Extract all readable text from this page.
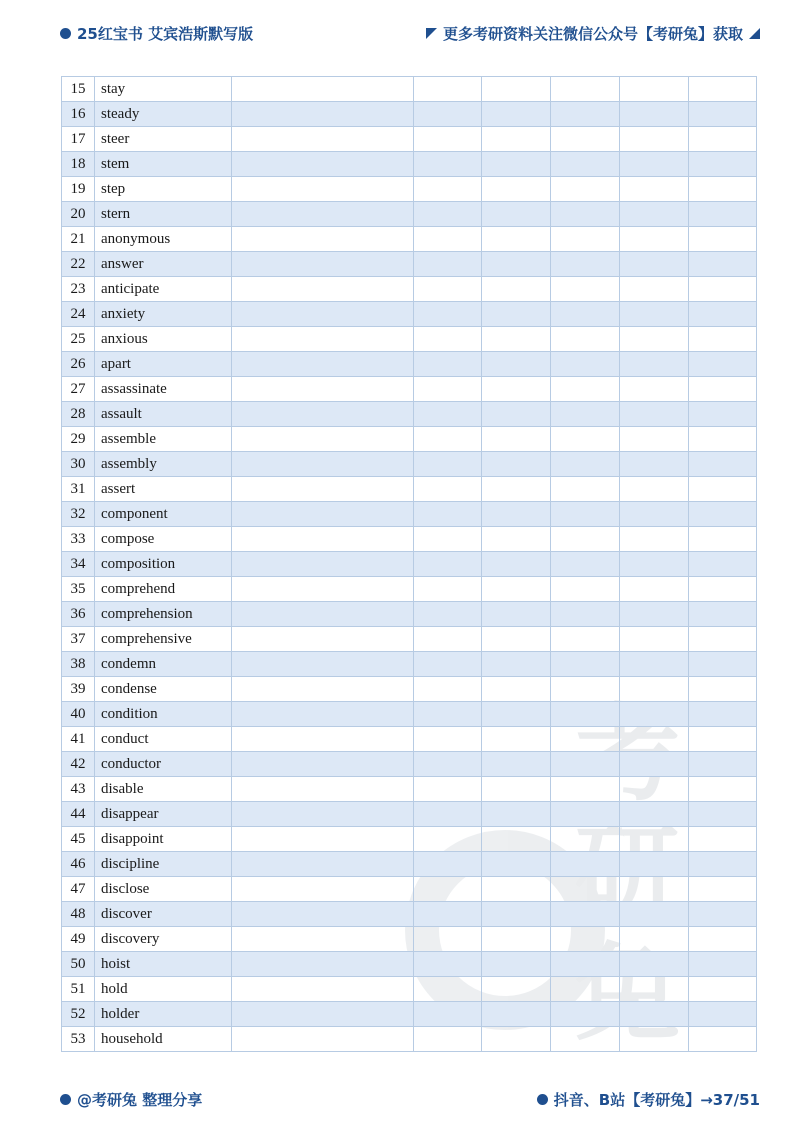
25红宝书 艾宾浩斯默写版	更多考研资料关注微信公众号【考研兔】获取
兔
15	stay						
16	steady						
17	steer						
18	stem						
19	step						
20	stern						
21	anonymous						
22	answer						
23	anticipate						
24	anxiety						
25	anxious						
26	apart						
27	assassinate						
28	assault						
29	assemble						
30	assembly						
31	assert						
32	component						
33	compose						
34	composition						
35	comprehend						
36	comprehension						
37	comprehensive						
38	condemn						
39	condense						
40	condition						
41	conduct						
42	conductor						
43	disable						
44	disappear						
45	disappoint						
46	discipline						
47	disclose						
48	discover						
49	discovery						
50	hoist						
51	hold						
52	holder						
53	household						
@考研兔 整理分享	抖音、B站【考研兔】→37/51
